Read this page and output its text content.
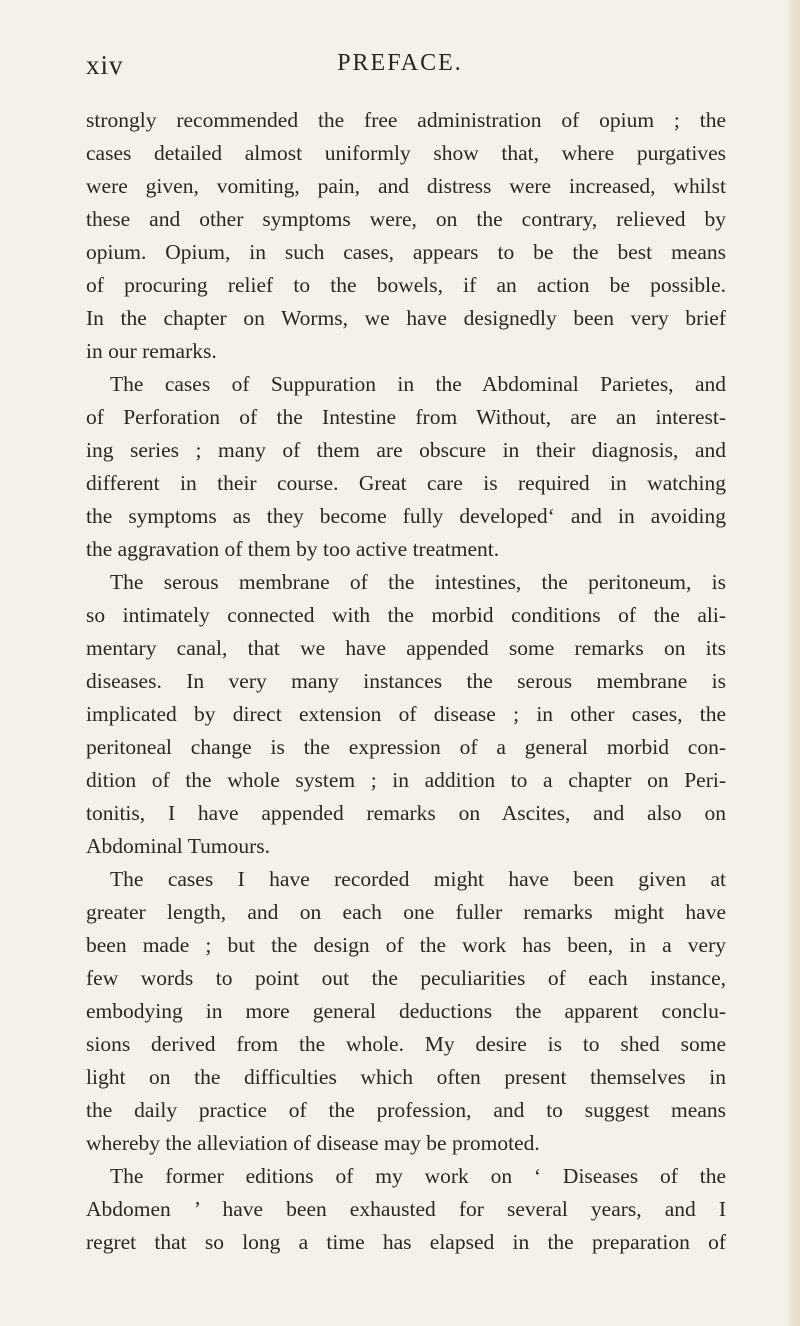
xiv	PREFACE.
strongly recommended the free administration of opium ; the
cases detailed almost uniformly show that, where purgatives
were given, vomiting, pain, and distress were increased, whilst
these and other symptoms were, on the contrary, relieved by
opium. Opium, in such cases, appears to be the best means
of procuring relief to the bowels, if an action be possible.
In the chapter on Worms, we have designedly been very brief
in our remarks.
The cases of Suppuration in the Abdominal Parietes, and
of Perforation of the Intestine from Without, are an interest-
ing series ; many of them are obscure in their diagnosis, and
different in their course. Great care is required in watching
the symptoms as they become fully developedʻ and in avoiding
the aggravation of them by too active treatment.
The serous membrane of the intestines, the peritoneum, is
so intimately connected with the morbid conditions of the ali-
mentary canal, that we have appended some remarks on its
diseases. In very many instances the serous membrane is
implicated by direct extension of disease ; in other cases, the
peritoneal change is the expression of a general morbid con-
dition of the whole system ; in addition to a chapter on Peri-
tonitis, I have appended remarks on Ascites, and also on
Abdominal Tumours.
The cases I have recorded might have been given at
greater length, and on each one fuller remarks might have
been made ; but the design of the work has been, in a very
few words to point out the peculiarities of each instance,
embodying in more general deductions the apparent conclu-
sions derived from the whole. My desire is to shed some
light on the difficulties which often present themselves in
the daily practice of the profession, and to suggest means
whereby the alleviation of disease may be promoted.
The former editions of my work on ‘ Diseases of the
Abdomen ’ have been exhausted for several years, and I
regret that so long a time has elapsed in the preparation of
